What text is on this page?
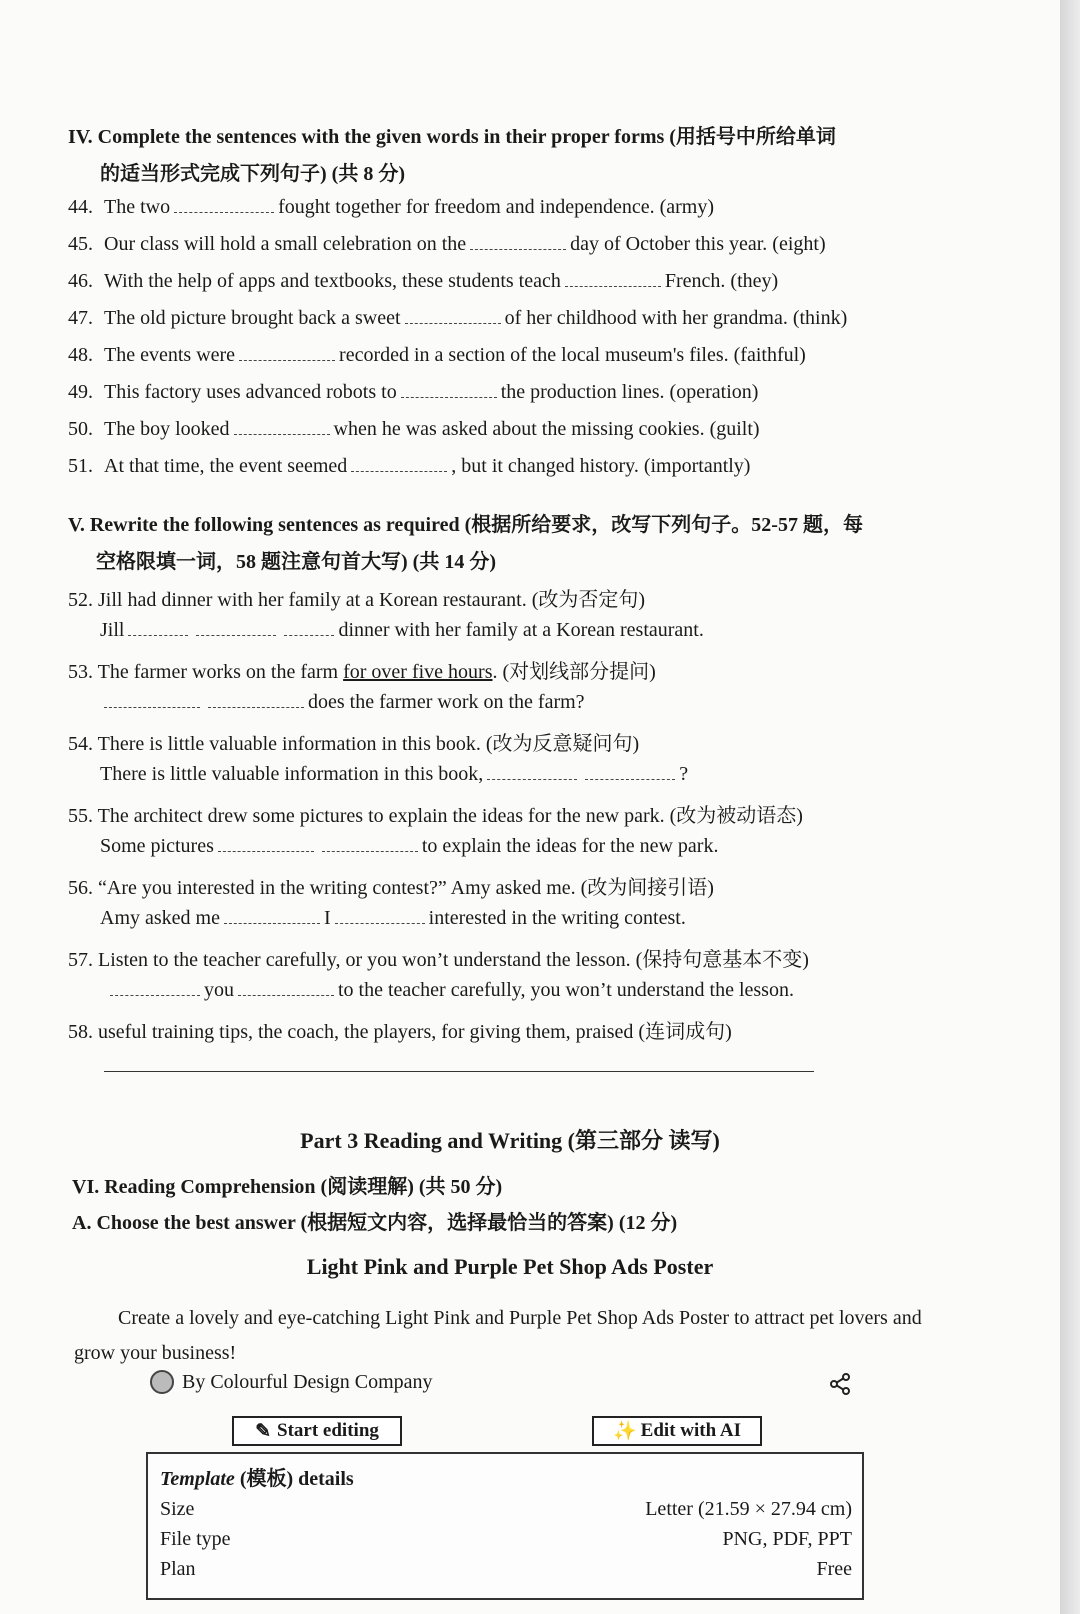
IV. Complete the sentences with the given words in their proper forms (用括号中所给单词
的适当形式完成下列句子) (共 8 分)
44. The two	fought together for freedom and independence. (army)
45. Our class will hold a small celebration on the	day of October this year. (eight)
46. With the help of apps and textbooks, these students teach	French. (they)
47. The old picture brought back a sweet	of her childhood with her grandma. (think)
48. The events were	recorded in a section of the local museum's files. (faithful)
49. This factory uses advanced robots to	the production lines. (operation)
50. The boy looked	when he was asked about the missing cookies. (guilt)
51. At that time, the event seemed	, but it changed history. (importantly)
V. Rewrite the following sentences as required (根据所给要求，改写下列句子。52-57 题，每
空格限填一词，58 题注意句首大写) (共 14 分)
52. Jill had dinner with her family at a Korean restaurant. (改为否定句)
Jill	dinner with her family at a Korean restaurant.
53. The farmer works on the farm for over five hours. (对划线部分提问)
does the farmer work on the farm?
54. There is little valuable information in this book. (改为反意疑问句)
There is little valuable information in this book,	?
55. The architect drew some pictures to explain the ideas for the new park. (改为被动语态)
Some pictures	to explain the ideas for the new park.
56. “Are you interested in the writing contest?” Amy asked me. (改为间接引语)
Amy asked me	I	interested in the writing contest.
57. Listen to the teacher carefully, or you won’t understand the lesson. (保持句意基本不变)
you	to the teacher carefully, you won’t understand the lesson.
58. useful training tips, the coach, the players, for giving them, praised (连词成句)
Part 3 Reading and Writing (第三部分 读写)
VI. Reading Comprehension (阅读理解) (共 50 分)
A. Choose the best answer (根据短文内容，选择最恰当的答案) (12 分)
Light Pink and Purple Pet Shop Ads Poster
Create a lovely and eye-catching Light Pink and Purple Pet Shop Ads Poster to attract pet lovers and grow your business!
By Colourful Design Company
✎ Start editing	✨ Edit with AI
Template (模板) details
Size	Letter (21.59 × 27.94 cm)
File type	PNG, PDF, PPT
Plan	Free
